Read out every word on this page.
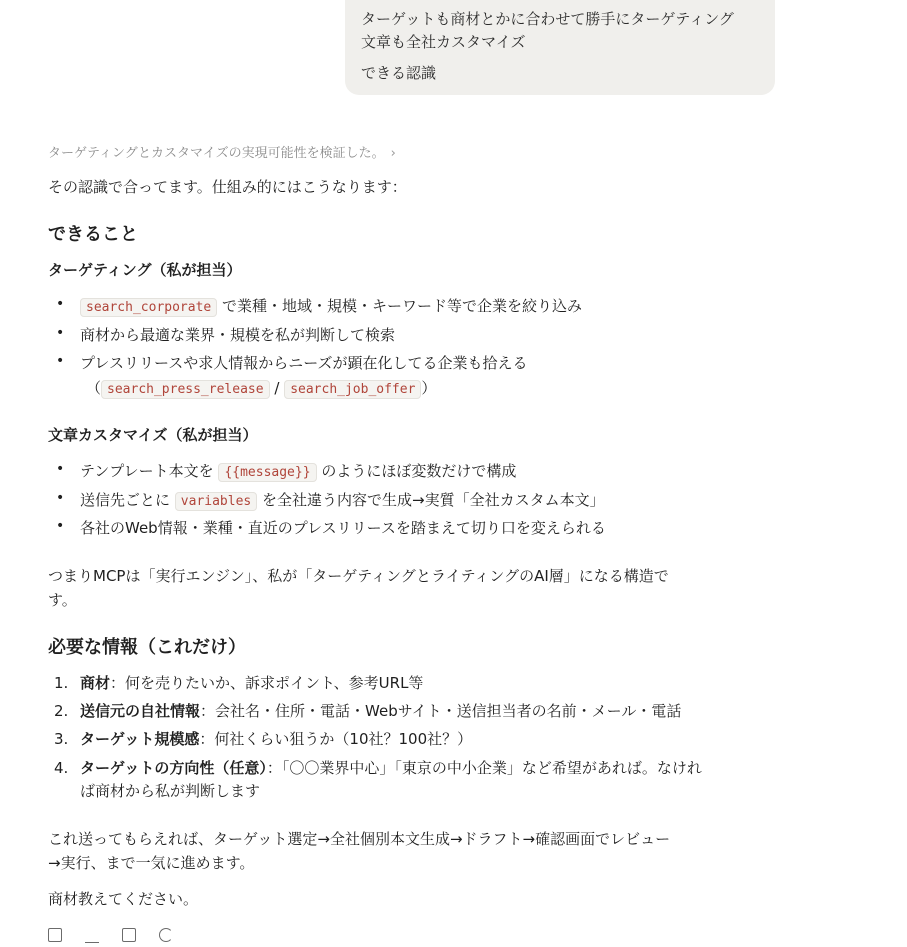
ターゲットも商材とかに合わせて勝手にターゲティング
文章も全社カスタマイズ
できる認識
ターゲティングとカスタマイズの実現可能性を検証した。 ›
その認識で合ってます。仕組み的にはこうなります：
できること
ターゲティング（私が担当）
•	search_corporate で業種・地域・規模・キーワード等で企業を絞り込み
• 商材から最適な業界・規模を私が判断して検索
• プレスリリースや求人情報からニーズが顕在化してる企業も拾える
（ search_press_release / search_job_offer ）
文章カスタマイズ（私が担当）
• テンプレート本文を {{message}} のようにほぼ変数だけで構成
• 送信先ごとに variables を全社違う内容で生成→実質「全社カスタム本文」
• 各社のWeb情報・業種・直近のプレスリリースを踏まえて切り口を変えられる
つまりMCPは「実行エンジン」、私が「ターゲティングとライティングのAI層」になる構造で
す。
必要な情報（これだけ）
1. 商材：何を売りたいか、訴求ポイント、参考URL等
2. 送信元の自社情報：会社名・住所・電話・Webサイト・送信担当者の名前・メール・電話
3. ターゲット規模感：何社くらい狙うか（10社？100社？）
4. ターゲットの方向性（任意）：「〇〇業界中心」「東京の中小企業」など希望があれば。なけれ
ば商材から私が判断します
これ送ってもらえれば、ターゲット選定→全社個別本文生成→ドラフト→確認画面でレビュー
→実行、まで一気に進めます。
商材教えてください。
